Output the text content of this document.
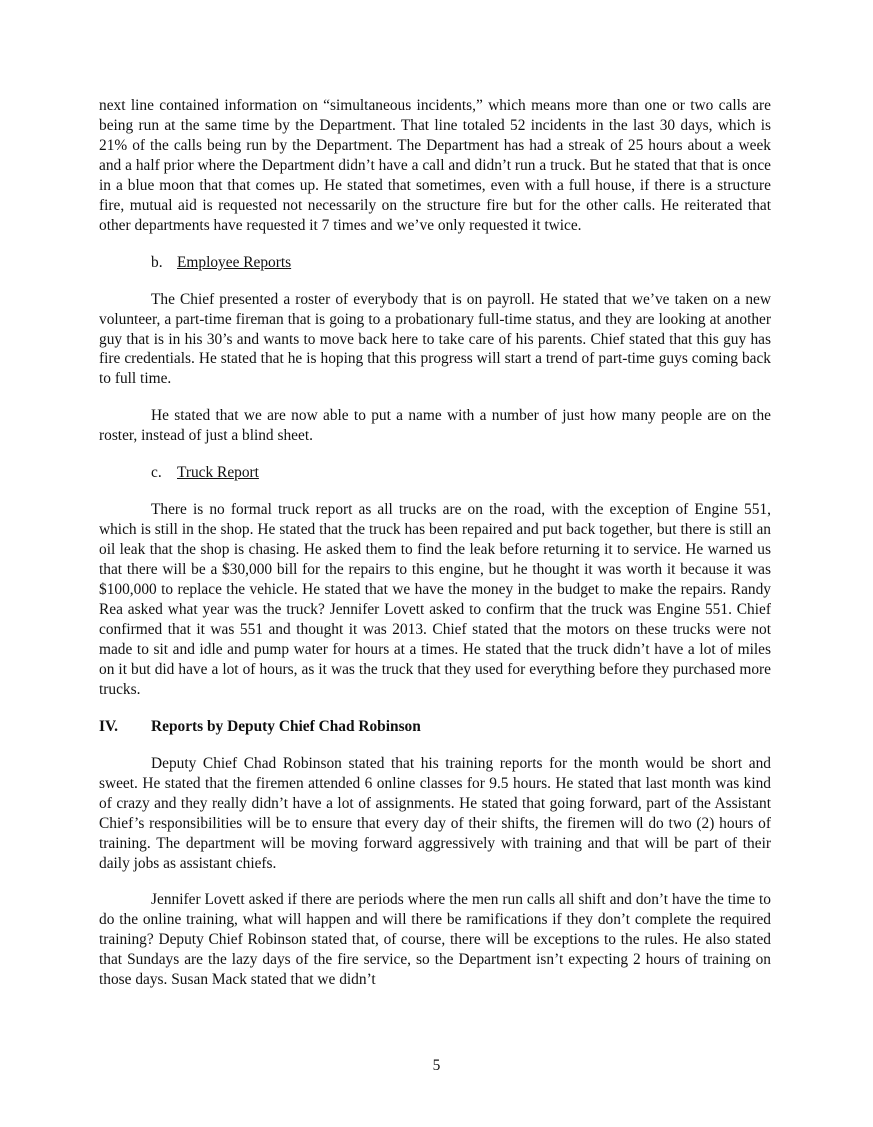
next line contained information on “simultaneous incidents,” which means more than one or two calls are being run at the same time by the Department. That line totaled 52 incidents in the last 30 days, which is 21% of the calls being run by the Department. The Department has had a streak of 25 hours about a week and a half prior where the Department didn’t have a call and didn’t run a truck. But he stated that that is once in a blue moon that that comes up. He stated that sometimes, even with a full house, if there is a structure fire, mutual aid is requested not necessarily on the structure fire but for the other calls. He reiterated that other departments have requested it 7 times and we’ve only requested it twice.

b. Employee Reports

The Chief presented a roster of everybody that is on payroll. He stated that we’ve taken on a new volunteer, a part-time fireman that is going to a probationary full-time status, and they are looking at another guy that is in his 30’s and wants to move back here to take care of his parents. Chief stated that this guy has fire credentials. He stated that he is hoping that this progress will start a trend of part-time guys coming back to full time.

He stated that we are now able to put a name with a number of just how many people are on the roster, instead of just a blind sheet.

c. Truck Report

There is no formal truck report as all trucks are on the road, with the exception of Engine 551, which is still in the shop. He stated that the truck has been repaired and put back together, but there is still an oil leak that the shop is chasing. He asked them to find the leak before returning it to service. He warned us that there will be a $30,000 bill for the repairs to this engine, but he thought it was worth it because it was $100,000 to replace the vehicle. He stated that we have the money in the budget to make the repairs. Randy Rea asked what year was the truck? Jennifer Lovett asked to confirm that the truck was Engine 551. Chief confirmed that it was 551 and thought it was 2013. Chief stated that the motors on these trucks were not made to sit and idle and pump water for hours at a times. He stated that the truck didn’t have a lot of miles on it but did have a lot of hours, as it was the truck that they used for everything before they purchased more trucks.

IV. Reports by Deputy Chief Chad Robinson

Deputy Chief Chad Robinson stated that his training reports for the month would be short and sweet. He stated that the firemen attended 6 online classes for 9.5 hours. He stated that last month was kind of crazy and they really didn’t have a lot of assignments. He stated that going forward, part of the Assistant Chief’s responsibilities will be to ensure that every day of their shifts, the firemen will do two (2) hours of training. The department will be moving forward aggressively with training and that will be part of their daily jobs as assistant chiefs.

Jennifer Lovett asked if there are periods where the men run calls all shift and don’t have the time to do the online training, what will happen and will there be ramifications if they don’t complete the required training? Deputy Chief Robinson stated that, of course, there will be exceptions to the rules. He also stated that Sundays are the lazy days of the fire service, so the Department isn’t expecting 2 hours of training on those days. Susan Mack stated that we didn’t

5
